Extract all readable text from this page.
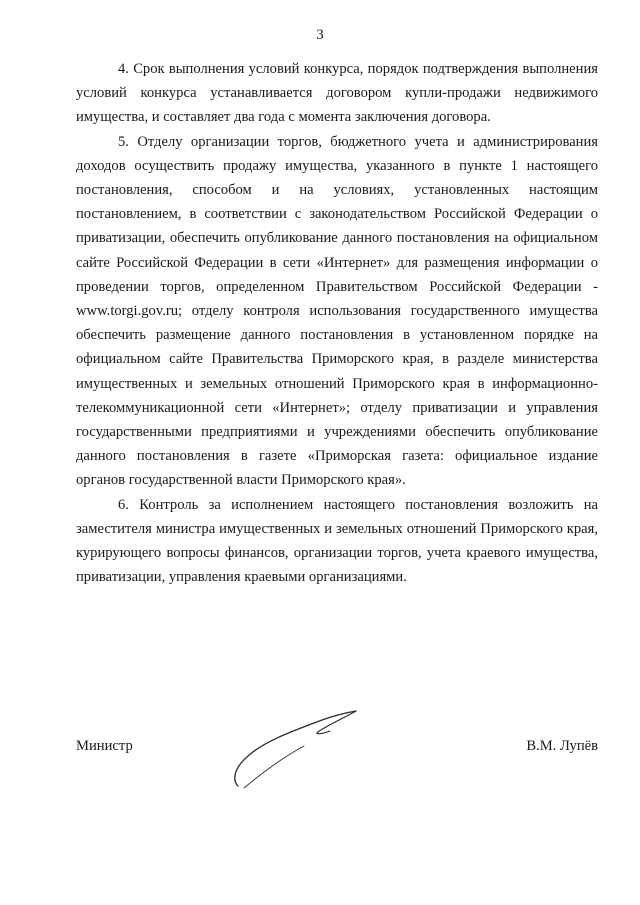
3

4. Срок выполнения условий конкурса, порядок подтверждения выполнения условий конкурса устанавливается договором купли-продажи недвижимого имущества, и составляет два года с момента заключения договора.

5. Отделу организации торгов, бюджетного учета и администрирования доходов осуществить продажу имущества, указанного в пункте 1 настоящего постановления, способом и на условиях, установленных настоящим постановлением, в соответствии с законодательством Российской Федерации о приватизации, обеспечить опубликование данного постановления на официальном сайте Российской Федерации в сети «Интернет» для размещения информации о проведении торгов, определенном Правительством Российской Федерации - www.torgi.gov.ru; отделу контроля использования государственного имущества обеспечить размещение данного постановления в установленном порядке на официальном сайте Правительства Приморского края, в разделе министерства имущественных и земельных отношений Приморского края в информационно-телекоммуникационной сети «Интернет»; отделу приватизации и управления государственными предприятиями и учреждениями обеспечить опубликование данного постановления в газете «Приморская газета: официальное издание органов государственной власти Приморского края».

6. Контроль за исполнением настоящего постановления возложить на заместителя министра имущественных и земельных отношений Приморского края, курирующего вопросы финансов, организации торгов, учета краевого имущества, приватизации, управления краевыми организациями.

Министр	В.М. Лупёв
